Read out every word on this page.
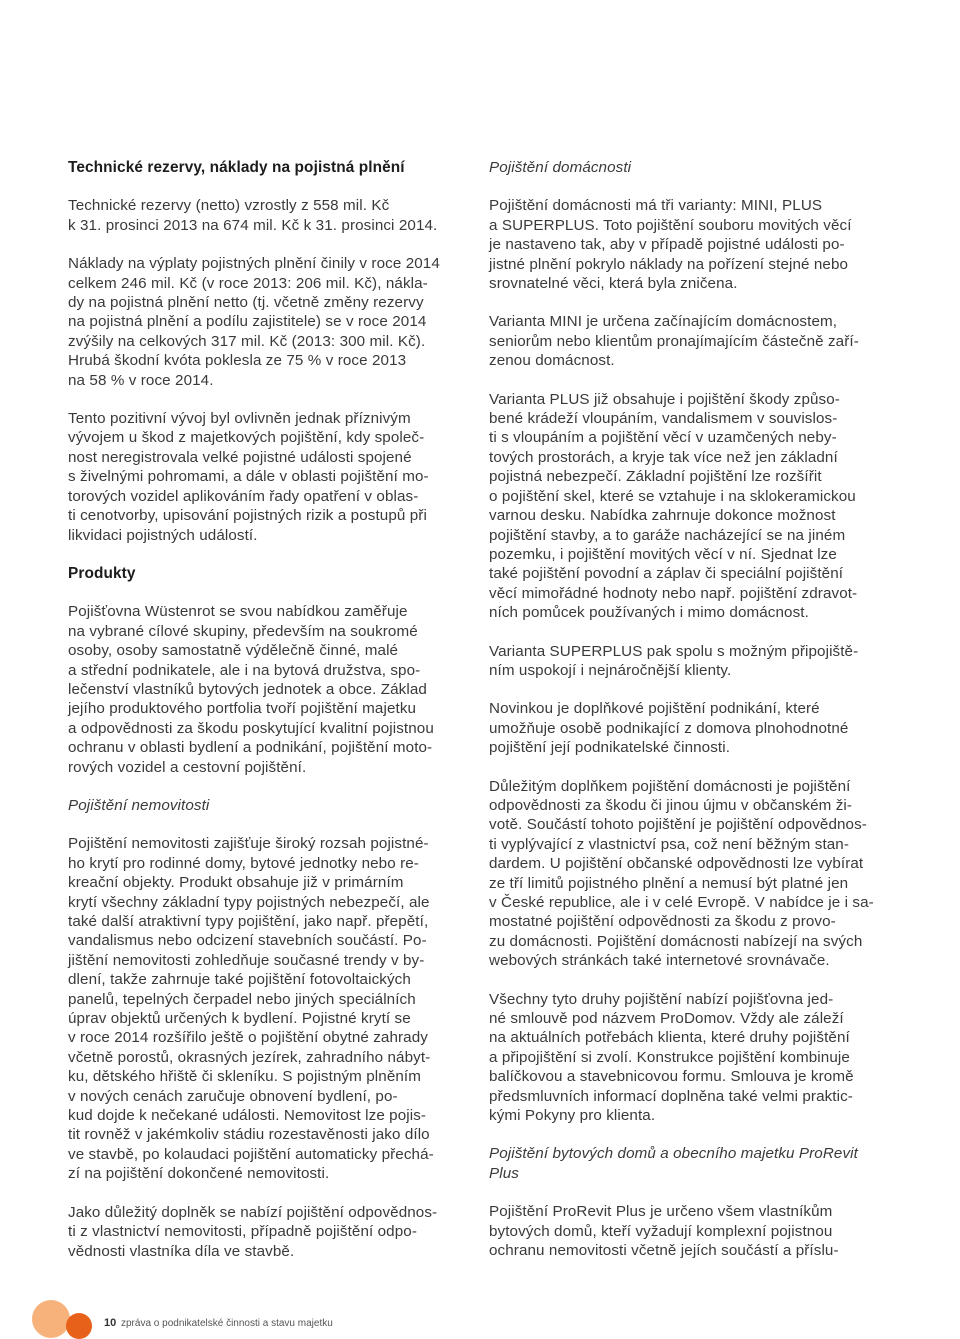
Technické rezervy, náklady na pojistná plnění

Technické rezervy (netto) vzrostly z 558 mil. Kč
k 31. prosinci 2013 na 674 mil. Kč k 31. prosinci 2014.

Náklady na výplaty pojistných plnění činily v roce 2014
celkem 246 mil. Kč (v roce 2013: 206 mil. Kč), nákla-
dy na pojistná plnění netto (tj. včetně změny rezervy
na pojistná plnění a podílu zajistitele) se v roce 2014
zvýšily na celkových 317 mil. Kč (2013: 300 mil. Kč).
Hrubá škodní kvóta poklesla ze 75 % v roce 2013
na 58 % v roce 2014.

Tento pozitivní vývoj byl ovlivněn jednak příznivým
vývojem u škod z majetkových pojištění, kdy společ-
nost neregistrovala velké pojistné události spojené
s živelnými pohromami, a dále v oblasti pojištění mo-
torových vozidel aplikováním řady opatření v oblas-
ti cenotvorby, upisování pojistných rizik a postupů při
likvidaci pojistných událostí.

Produkty

Pojišťovna Wüstenrot se svou nabídkou zaměřuje
na vybrané cílové skupiny, především na soukromé
osoby, osoby samostatně výdělečně činné, malé
a střední podnikatele, ale i na bytová družstva, spo-
lečenství vlastníků bytových jednotek a obce. Základ
jejího produktového portfolia tvoří pojištění majetku
a odpovědnosti za škodu poskytující kvalitní pojistnou
ochranu v oblasti bydlení a podnikání, pojištění moto-
rových vozidel a cestovní pojištění.

Pojištění nemovitosti

Pojištění nemovitosti zajišťuje široký rozsah pojistné-
ho krytí pro rodinné domy, bytové jednotky nebo re-
kreační objekty. Produkt obsahuje již v primárním
krytí všechny základní typy pojistných nebezpečí, ale
také další atraktivní typy pojištění, jako např. přepětí,
vandalismus nebo odcizení stavebních součástí. Po-
jištění nemovitosti zohledňuje současné trendy v by-
dlení, takže zahrnuje také pojištění fotovoltaických
panelů, tepelných čerpadel nebo jiných speciálních
úprav objektů určených k bydlení. Pojistné krytí se
v roce 2014 rozšířilo ještě o pojištění obytné zahrady
včetně porostů, okrasných jezírek, zahradního nábyt-
ku, dětského hřiště či skleníku. S pojistným plněním
v nových cenách zaručuje obnovení bydlení, po-
kud dojde k nečekané události. Nemovitost lze pojis-
tit rovněž v jakémkoliv stádiu rozestavěnosti jako dílo
ve stavbě, po kolaudaci pojištění automaticky přechá-
zí na pojištění dokončené nemovitosti.

Jako důležitý doplněk se nabízí pojištění odpovědnos-
ti z vlastnictví nemovitosti, případně pojištění odpo-
vědnosti vlastníka díla ve stavbě.

Pojištění domácnosti

Pojištění domácnosti má tři varianty: MINI, PLUS
a SUPERPLUS. Toto pojištění souboru movitých věcí
je nastaveno tak, aby v případě pojistné události po-
jistné plnění pokrylo náklady na pořízení stejné nebo
srovnatelné věci, která byla zničena.

Varianta MINI je určena začínajícím domácnostem,
seniorům nebo klientům pronajímajícím částečně zaří-
zenou domácnost.

Varianta PLUS již obsahuje i pojištění škody způso-
bené krádeží vloupáním, vandalismem v souvislos-
ti s vloupáním a pojištění věcí v uzamčených neby-
tových prostorách, a kryje tak více než jen základní
pojistná nebezpečí. Základní pojištění lze rozšířit
o pojištění skel, které se vztahuje i na sklokeramickou
varnou desku. Nabídka zahrnuje dokonce možnost
pojištění stavby, a to garáže nacházející se na jiném
pozemku, i pojištění movitých věcí v ní. Sjednat lze
také pojištění povodní a záplav či speciální pojištění
věcí mimořádné hodnoty nebo např. pojištění zdravot-
ních pomůcek používaných i mimo domácnost.

Varianta SUPERPLUS pak spolu s možným připojiště-
ním uspokojí i nejnáročnější klienty.

Novinkou je doplňkové pojištění podnikání, které
umožňuje osobě podnikající z domova plnohodnotné
pojištění její podnikatelské činnosti.

Důležitým doplňkem pojištění domácnosti je pojištění
odpovědnosti za škodu či jinou újmu v občanském ži-
votě. Součástí tohoto pojištění je pojištění odpovědnos-
ti vyplývající z vlastnictví psa, což není běžným stan-
dardem. U pojištění občanské odpovědnosti lze vybírat
ze tří limitů pojistného plnění a nemusí být platné jen
v České republice, ale i v celé Evropě. V nabídce je i sa-
mostatné pojištění odpovědnosti za škodu z provo-
zu domácnosti. Pojištění domácnosti nabízejí na svých
webových stránkách také internetové srovnávače.

Všechny tyto druhy pojištění nabízí pojišťovna jed-
né smlouvě pod názvem ProDomov. Vždy ale záleží
na aktuálních potřebách klienta, které druhy pojištění
a připojištění si zvolí. Konstrukce pojištění kombinuje
balíčkovou a stavebnicovou formu. Smlouva je kromě
předsmluvních informací doplněna také velmi praktic-
kými Pokyny pro klienta.

Pojištění bytových domů a obecního majetku ProRevit
Plus

Pojištění ProRevit Plus je určeno všem vlastníkům
bytových domů, kteří vyžadují komplexní pojistnou
ochranu nemovitosti včetně jejích součástí a příslu-

10 zpráva o podnikatelské činnosti a stavu majetku
